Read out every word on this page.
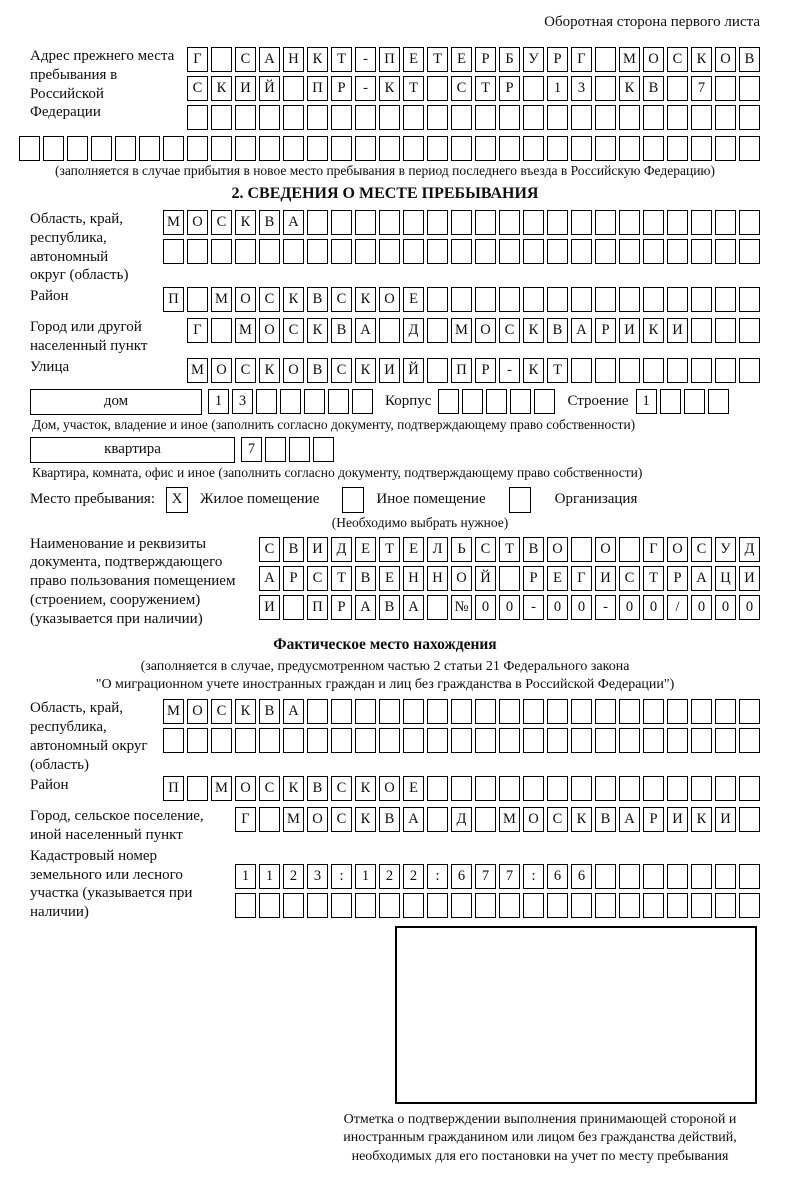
Оборотная сторона первого листа
Адрес прежнего места пребывания в Российской Федерации
Г	С А Н К	Т	-	П Е	Т	Е	Р	Б	У	Р	Г	М О С К О В
С К И Й	П	Р	-	К	Т	С	Т	Р	1	3	К В	7
(заполняется в случае прибытия в новое место пребывания в период последнего въезда в Российскую Федерацию)
2. СВЕДЕНИЯ О МЕСТЕ ПРЕБЫВАНИЯ
Область, край, республика, автономный округ (область)
М О С К В А
Район	П	М О С К В С К О Е
Город или другой населенный пункт
Г	М О С К В А	Д	М О С К В А	Р	И К И
Улица	М О С К О В С К И Й	П	Р	-	К	Т
дом	1	3	Корпус	Строение 1
Дом, участок, владение и иное (заполнить согласно документу, подтверждающему право собственности)
квартира	7
Квартира, комната, офис и иное (заполнить согласно документу, подтверждающему право собственности)
Место пребывания:	X	Жилое помещение	Иное помещение	Организация
(Необходимо выбрать нужное)
Наименование и реквизиты документа, подтверждающего право пользования помещением (строением, сооружением) (указывается при наличии)
С В И Д	Е	Т	Е	Л	Ь	С	Т	В О	О	Г	О С У Д
А	Р	С	Т	В	Е Н Н О Й	Р	Е	Г	И С	Т	Р	А Ц И
И	П	Р	А В А	№ 0	0	-	0	0	-	0	0	/	0	0	0
Фактическое место нахождения
(заполняется в случае, предусмотренном частью 2 статьи 21 Федерального закона
"О миграционном учете иностранных граждан и лиц без гражданства в Российской Федерации")
Область, край, республика, автономный округ (область)
М О С К В А
Район	П	М О С К В С К О Е
Город, сельское поселение, иной населенный пункт
Г	М О С К В А	Д	М О С К В А	Р	И К И
Кадастровый номер земельного или лесного участка (указывается при наличии)
1	1	2	3	:	1	2	2	:	6	7	7	:	6	6
Отметка о подтверждении выполнения принимающей стороной и иностранным гражданином или лицом без гражданства действий, необходимых для его постановки на учет по месту пребывания
